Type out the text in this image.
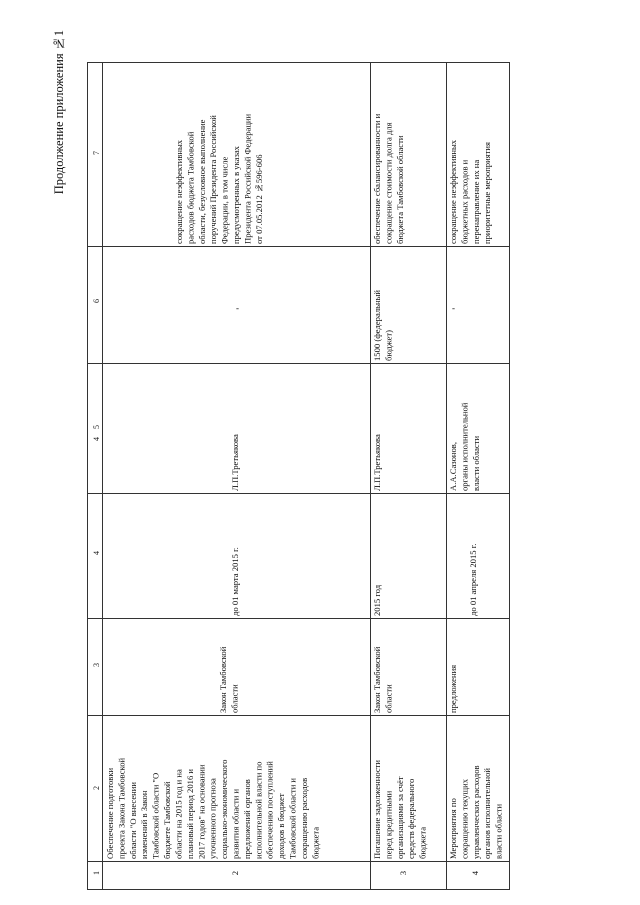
Продолжение приложения №1
4
7
6
5
4
3
2
1	2
Обеспечение подготовки
проекта Закона Тамбовской
области "О внесении
изменений в Закон
Тамбовской области "О
бюджете Тамбовской
области на 2015 год и на
плановый период 2016 и
2017 годов" на основании
уточненного прогноза
социально-экономического
развития области и
предложений органов
исполнительной власти по
обеспечению поступлений
доходов в бюджет
Тамбовской области и
сокращению расходов
бюджета
Закон Тамбовской
области
до 01 марта 2015 г.
Л.П.Третьякова
-
сокращение неэффективных
расходов бюджета Тамбовской
области, безусловное выполнение
поручений Президента Российской
Федерации, в том числе
предусмотренных в указах
Президента Российской Федерации
от 07.05.2012 №596-606
3
Погашение задолженности
перед кредитными
организациями за счёт
средств федерального
бюджета
Закон Тамбовской
области
2015 год
Л.П.Третьякова
1500 (федеральный
бюджет)
обеспечение сбалансированности и
сокращение стоимости долга для
бюджета Тамбовской области
4
Мероприятия по
сокращению текущих
управленческих расходов
органов исполнительной
власти области
предложения
до 01 апреля 2015 г.
А.А.Сазонов,
органы исполнительной
власти области
-
сокращение неэффективных
бюджетных расходов и
перенаправление их на
приоритетные мероприятия
